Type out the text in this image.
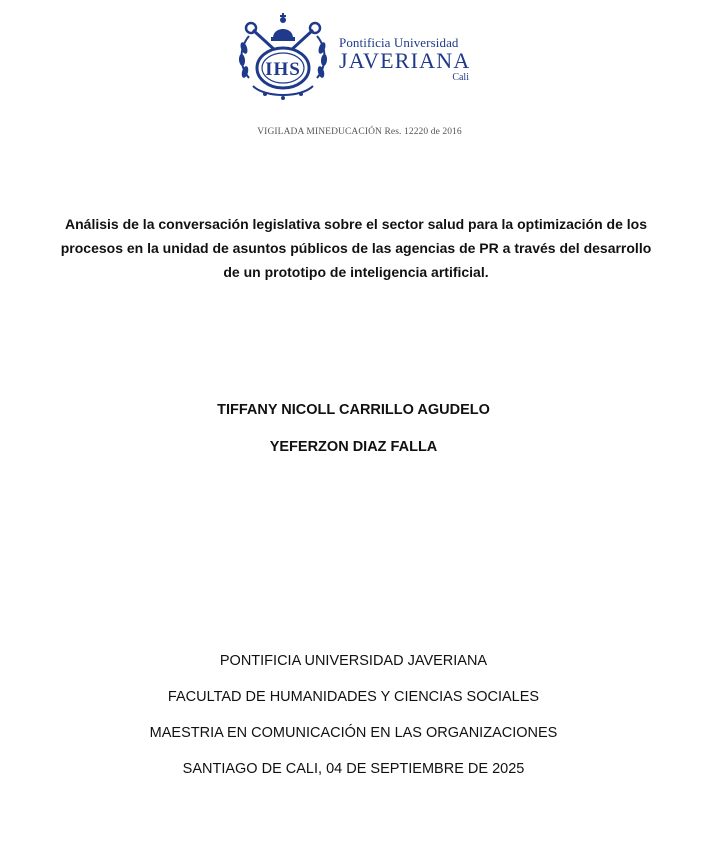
IHS
Pontificia Universidad
JAVERIANA
Cali
VIGILADA MINEDUCACIÓN Res. 12220 de 2016
Análisis de la conversación legislativa sobre el sector salud para la optimización de los procesos en la unidad de asuntos públicos de las agencias de PR a través del desarrollo de un prototipo de inteligencia artificial.
TIFFANY NICOLL CARRILLO AGUDELO
YEFERZON DIAZ FALLA
PONTIFICIA UNIVERSIDAD JAVERIANA
FACULTAD DE HUMANIDADES Y CIENCIAS SOCIALES
MAESTRIA EN COMUNICACIÓN EN LAS ORGANIZACIONES
SANTIAGO DE CALI, 04 DE SEPTIEMBRE DE 2025
